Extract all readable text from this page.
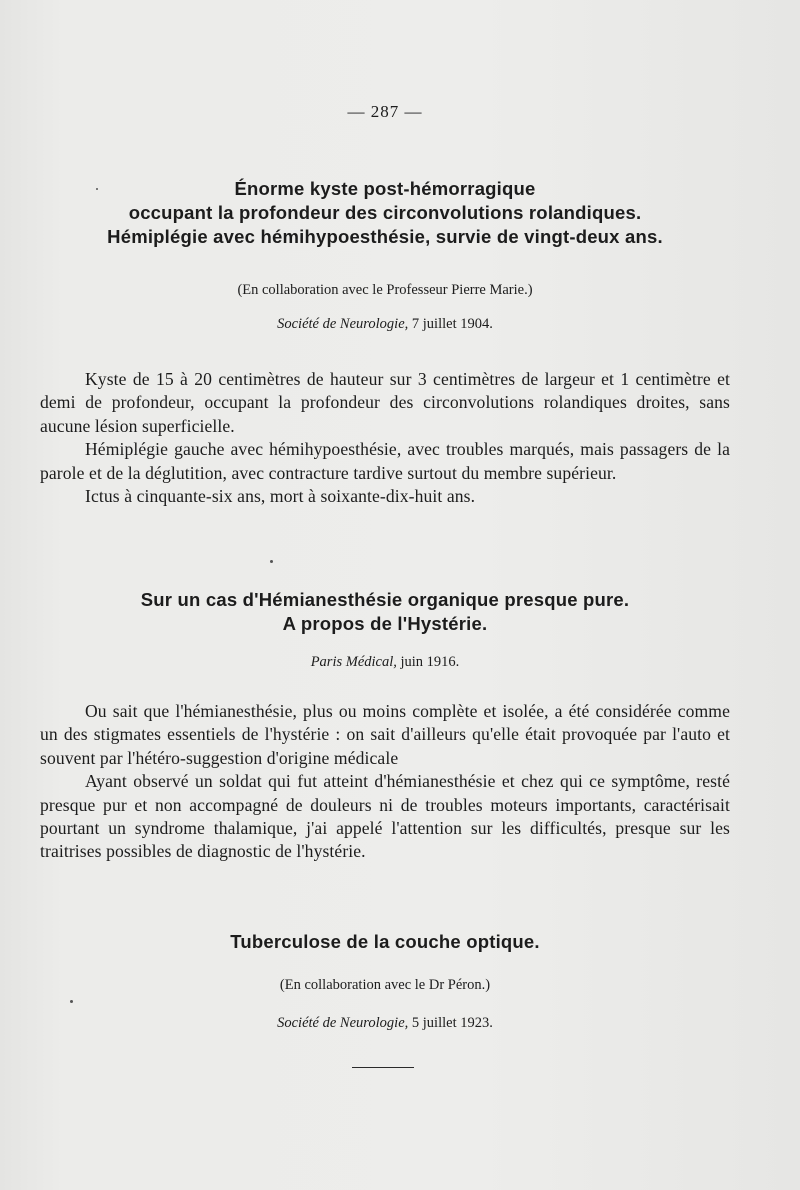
— 287 —

Énorme kyste post-hémorragique

occupant la profondeur des circonvolutions rolandiques.

Hémiplégie avec hémihypoesthésie, survie de vingt-deux ans.

(En collaboration avec le Professeur Pierre Marie.)

Société de Neurologie, 7 juillet 1904.

Kyste de 15 à 20 centimètres de hauteur sur 3 centimètres de largeur et 1 centimètre et demi de profondeur, occupant la profondeur des circonvolutions rolandiques droites, sans aucune lésion superficielle.

Hémiplégie gauche avec hémihypoesthésie, avec troubles marqués, mais passagers de la parole et de la déglutition, avec contracture tardive surtout du membre supérieur.

Ictus à cinquante-six ans, mort à soixante-dix-huit ans.

Sur un cas d'Hémianesthésie organique presque pure.

A propos de l'Hystérie.

Paris Médical, juin 1916.

Ou sait que l'hémianesthésie, plus ou moins complète et isolée, a été considérée comme un des stigmates essentiels de l'hystérie : on sait d'ailleurs qu'elle était provoquée par l'auto et souvent par l'hétéro-suggestion d'origine médicale

Ayant observé un soldat qui fut atteint d'hémianesthésie et chez qui ce symptôme, resté presque pur et non accompagné de douleurs ni de troubles moteurs importants, caractérisait pourtant un syndrome thalamique, j'ai appelé l'attention sur les difficultés, presque sur les traitrises possibles de diagnostic de l'hystérie.

Tuberculose de la couche optique.

(En collaboration avec le Dr Péron.)

Société de Neurologie, 5 juillet 1923.
